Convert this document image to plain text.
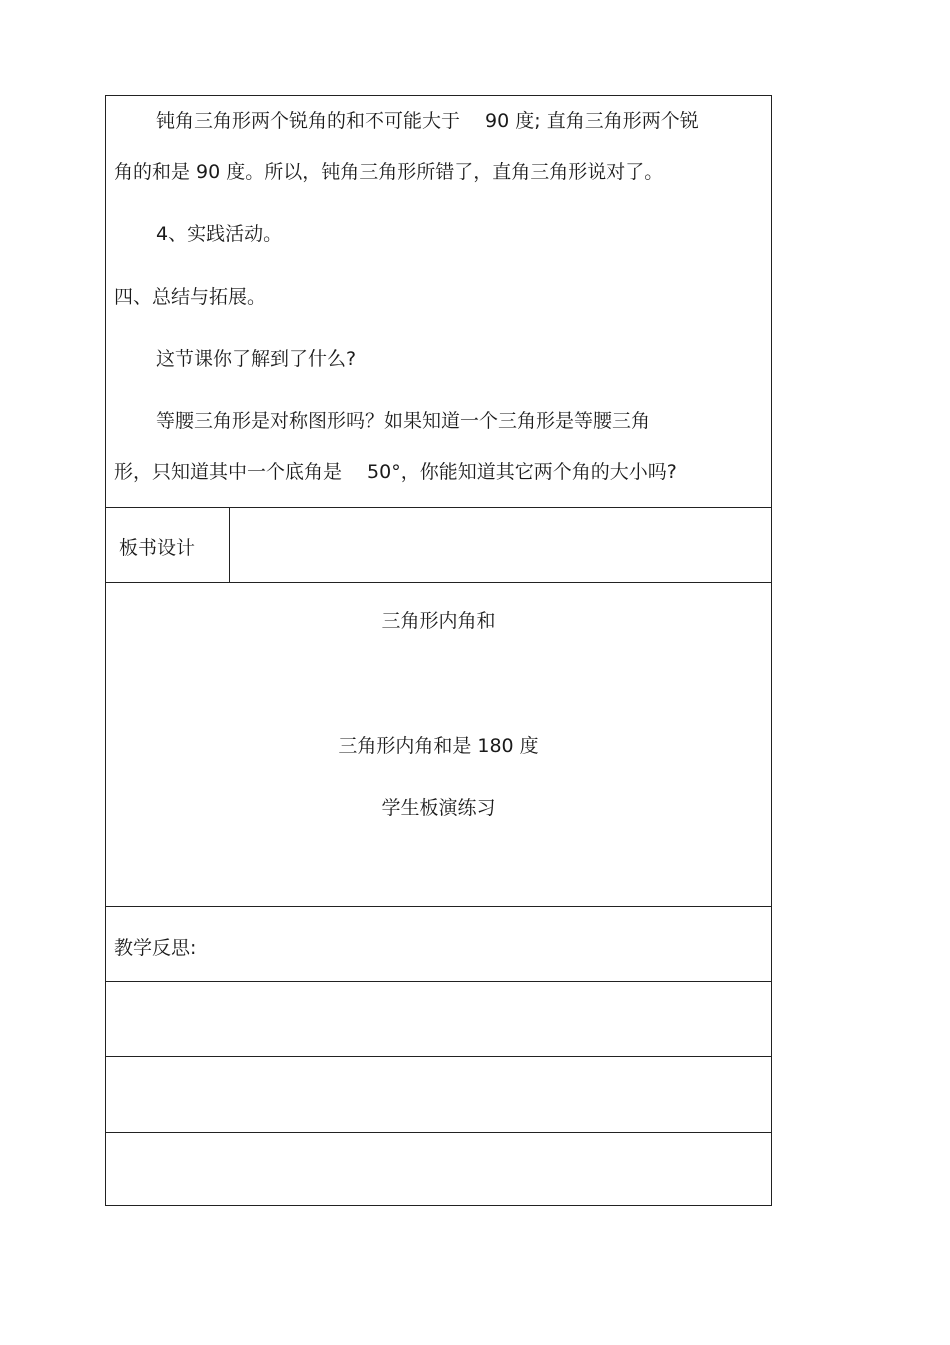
钝角三角形两个锐角的和不可能大于　 90 度; 直角三角形两个锐
角的和是 90 度。所以，钝角三角形所错了，直角三角形说对了。
4、实践活动。
四、总结与拓展。
这节课你了解到了什么?
等腰三角形是对称图形吗？如果知道一个三角形是等腰三角
形，只知道其中一个底角是　 50°，你能知道其它两个角的大小吗?
板书设计
三角形内角和
三角形内角和是 180 度
学生板演练习
教学反思:
